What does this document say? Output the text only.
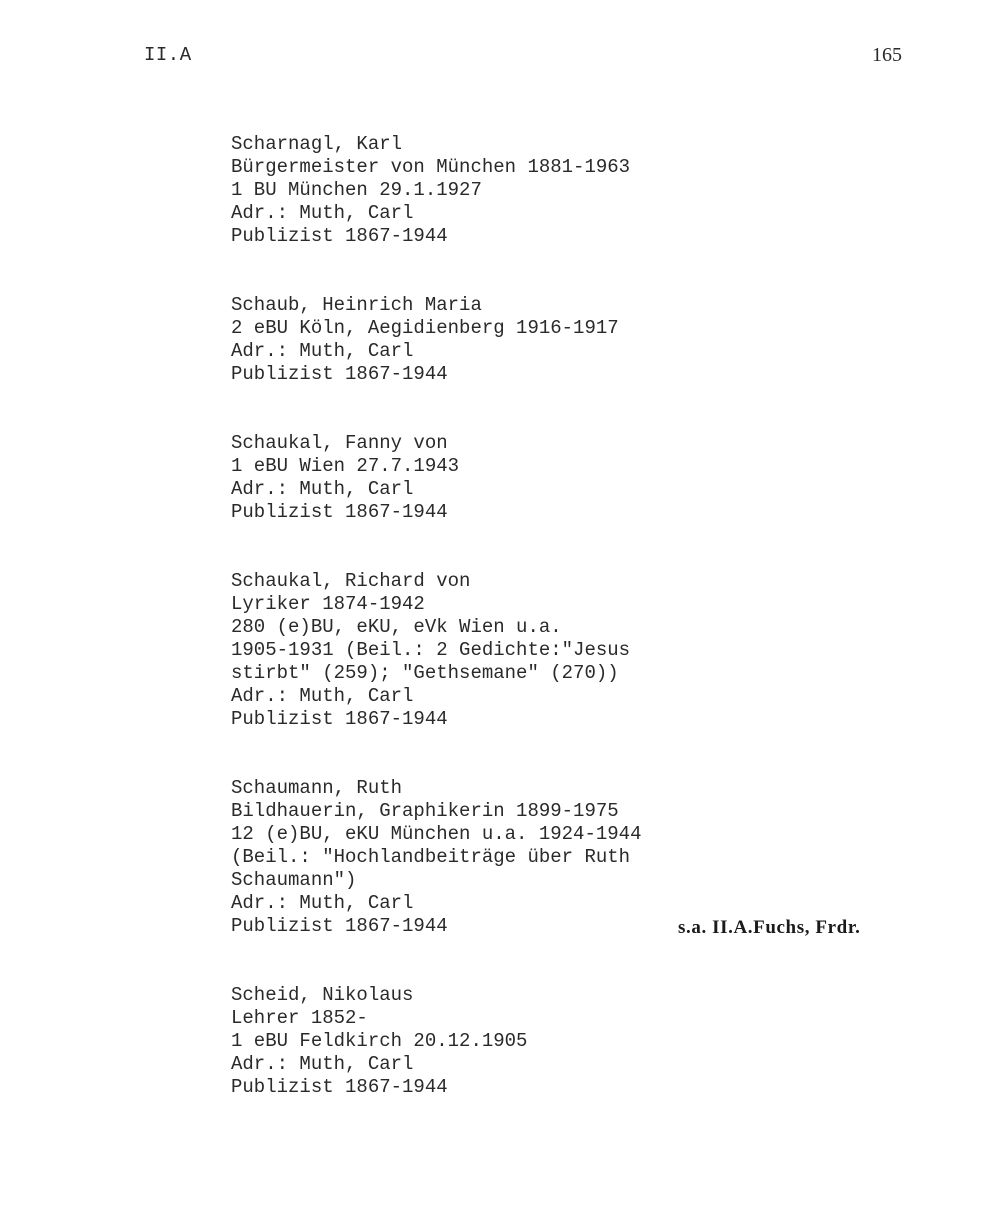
II.A	165
Scharnagl, Karl
Bürgermeister von München 1881-1963
1 BU München 29.1.1927
Adr.: Muth, Carl
Publizist 1867-1944
Schaub, Heinrich Maria
2 eBU Köln, Aegidienberg 1916-1917
Adr.: Muth, Carl
Publizist 1867-1944
Schaukal, Fanny von
1 eBU Wien 27.7.1943
Adr.: Muth, Carl
Publizist 1867-1944
Schaukal, Richard von
Lyriker 1874-1942
280 (e)BU, eKU, eVk Wien u.a.
1905-1931 (Beil.: 2 Gedichte:"Jesus
stirbt" (259); "Gethsemane" (270))
Adr.: Muth, Carl
Publizist 1867-1944
Schaumann, Ruth
Bildhauerin, Graphikerin 1899-1975
12 (e)BU, eKU München u.a. 1924-1944
(Beil.: "Hochlandbeiträge über Ruth
Schaumann")
Adr.: Muth, Carl
Publizist 1867-1944
Scheid, Nikolaus
Lehrer 1852-
1 eBU Feldkirch 20.12.1905
Adr.: Muth, Carl
Publizist 1867-1944
s.a. II.A.Fuchs, Frdr.
